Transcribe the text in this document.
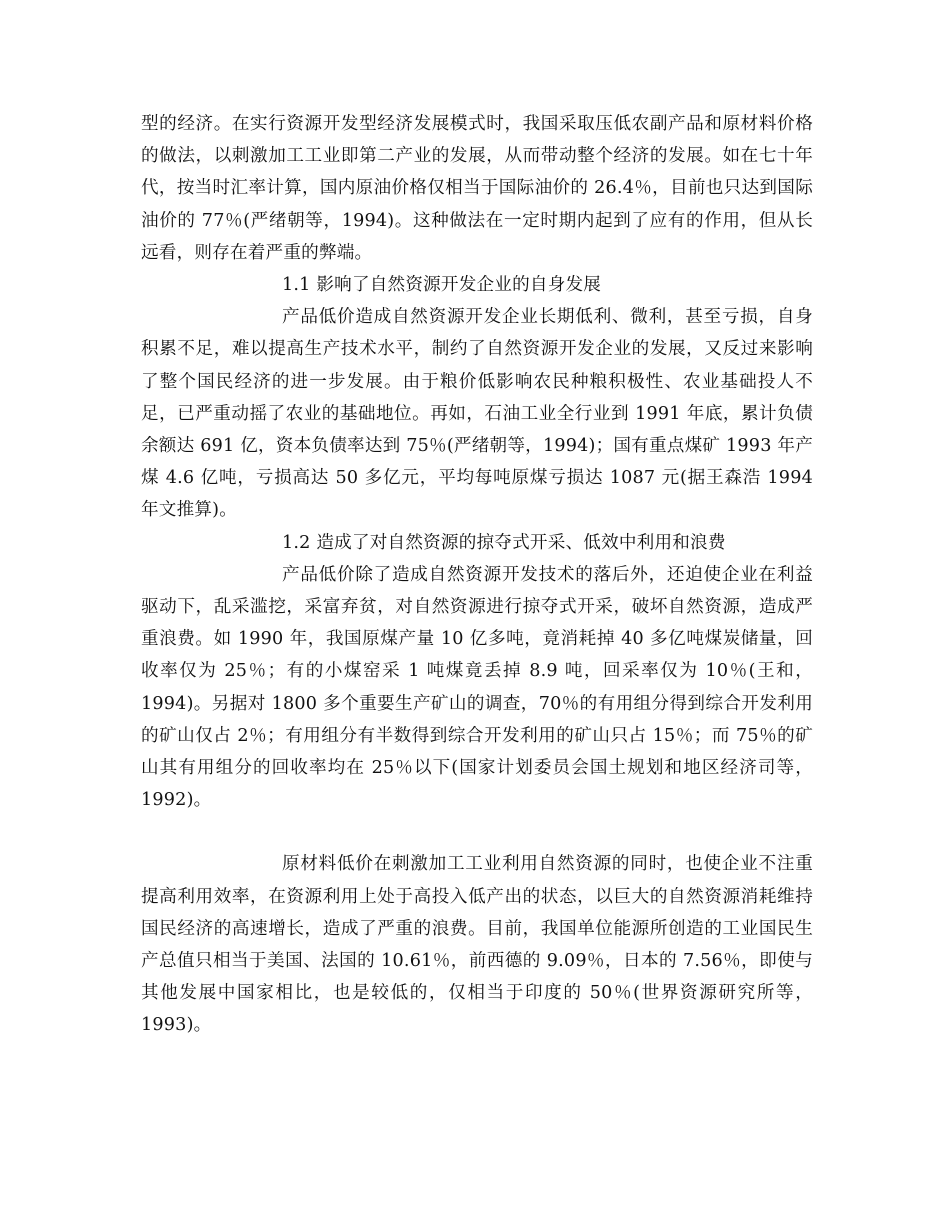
型的经济。在实行资源开发型经济发展模式时，我国采取压低农副产品和原材料价格的做法，以刺激加工工业即第二产业的发展，从而带动整个经济的发展。如在七十年代，按当时汇率计算，国内原油价格仅相当于国际油价的 26.4％，目前也只达到国际油价的 77％(严绪朝等，1994)。这种做法在一定时期内起到了应有的作用，但从长远看，则存在着严重的弊端。

1.1 影响了自然资源开发企业的自身发展

产品低价造成自然资源开发企业长期低利、微利，甚至亏损，自身积累不足，难以提高生产技术水平，制约了自然资源开发企业的发展，又反过来影响了整个国民经济的进一步发展。由于粮价低影响农民种粮积极性、农业基础投人不足，已严重动摇了农业的基础地位。再如，石油工业全行业到 1991 年底，累计负债余额达 691 亿，资本负债率达到 75％(严绪朝等，1994)；国有重点煤矿 1993 年产煤 4.6 亿吨，亏损高达 50 多亿元，平均每吨原煤亏损达 1087 元(据王森浩 1994 年文推算)。

1.2 造成了对自然资源的掠夺式开采、低效中利用和浪费

产品低价除了造成自然资源开发技术的落后外，还迫使企业在利益驱动下，乱采滥挖，采富弃贫，对自然资源进行掠夺式开采，破坏自然资源，造成严重浪费。如 1990 年，我国原煤产量 10 亿多吨，竟消耗掉 40 多亿吨煤炭储量，回收率仅为 25％；有的小煤窑采 1 吨煤竟丢掉 8.9 吨，回采率仅为 10％(王和，1994)。另据对 1800 多个重要生产矿山的调查，70％的有用组分得到综合开发利用的矿山仅占 2％；有用组分有半数得到综合开发利用的矿山只占 15％；而 75％的矿山其有用组分的回收率均在 25％以下(国家计划委员会国土规划和地区经济司等，1992)。

原材料低价在刺激加工工业利用自然资源的同时，也使企业不注重提高利用效率，在资源利用上处于高投入低产出的状态，以巨大的自然资源消耗维持国民经济的高速增长，造成了严重的浪费。目前，我国单位能源所创造的工业国民生产总值只相当于美国、法国的 10.61％，前西德的 9.09％，日本的 7.56％，即使与其他发展中国家相比，也是较低的，仅相当于印度的 50％(世界资源研究所等，1993)。
